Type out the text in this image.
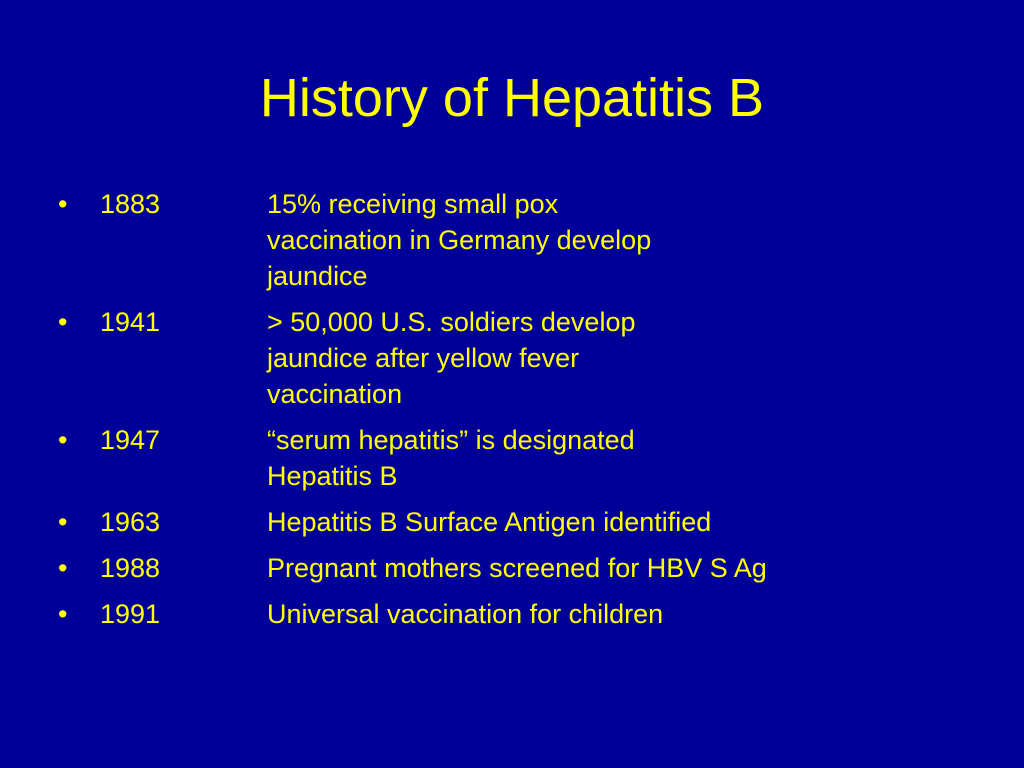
History of Hepatitis B
•	1883	15% receiving small pox
vaccination in Germany develop
jaundice
•	1941	> 50,000 U.S. soldiers develop
jaundice after yellow fever
vaccination
•	1947	“serum hepatitis” is designated
Hepatitis B
•	1963	Hepatitis B Surface Antigen identified
•	1988	Pregnant mothers screened for HBV S Ag
•	1991	Universal vaccination for children
